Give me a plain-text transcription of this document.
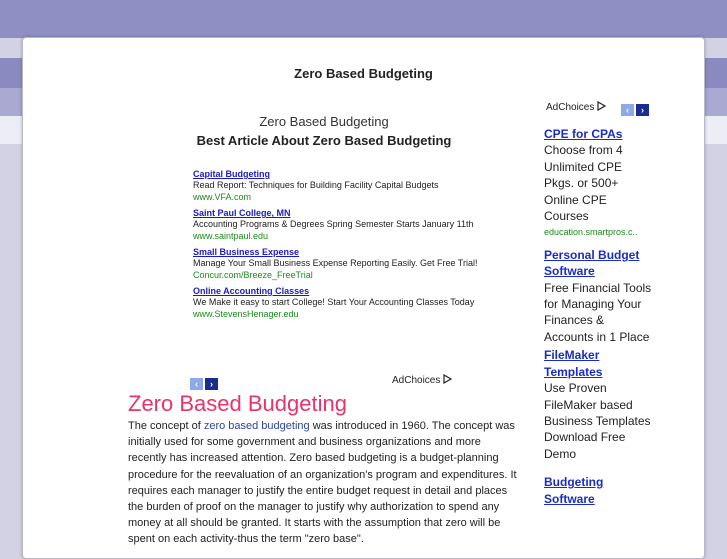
Zero Based Budgeting
Zero Based Budgeting
Best Article About Zero Based Budgeting
Capital Budgeting
Read Report: Techniques for Building Facility Capital Budgets
www.VFA.com
Saint Paul College, MN
Accounting Programs & Degrees Spring Semester Starts January 11th
www.saintpaul.edu
Small Business Expense
Manage Your Small Business Expense Reporting Easily. Get Free Trial!
Concur.com/Breeze_FreeTrial
Online Accounting Classes
We Make it easy to start College! Start Your Accounting Classes Today
www.StevensHenager.edu
‹ ›	AdChoices
Zero Based Budgeting
The concept of zero based budgeting was introduced in 1960. The concept was initially used for some government and business organizations and more recently has increased attention. Zero based budgeting is a budget-planning procedure for the reevaluation of an organization's program and expenditures. It requires each manager to justify the entire budget request in detail and places the burden of proof on the manager to justify why authorization to spend any money at all should be granted. It starts with the assumption that zero will be spent on each activity-thus the term "zero base".
AdChoices	‹ ›
CPE for CPAs
Choose from 4 Unlimited CPE Pkgs. or 500+ Online CPE Courses
education.smartpros.c..
Personal Budget Software
Free Financial Tools for Managing Your Finances & Accounts in 1 Place
FileMaker Templates
Use Proven FileMaker based Business Templates Download Free Demo
Budgeting Software
